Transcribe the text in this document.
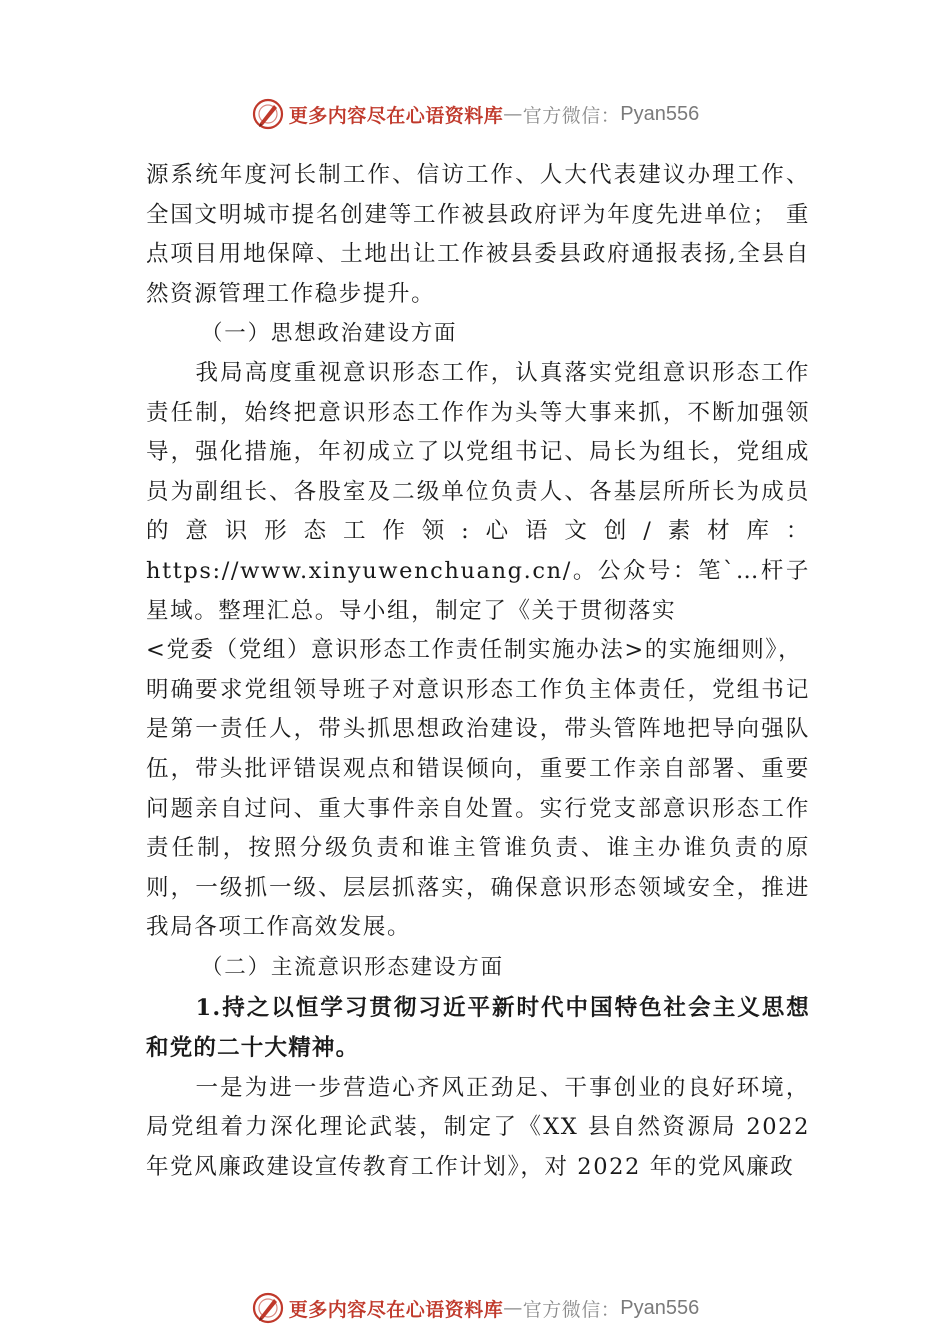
更多内容尽在心语资料库 — 官方微信： Pyan556

源系统年度河长制工作、信访工作、人大代表建议办理工作、全国文明城市提名创建等工作被县政府评为年度先进单位； 重点项目用地保障、土地出让工作被县委县政府通报表扬,全县自然资源管理工作稳步提升。

（一）思想政治建设方面

我局高度重视意识形态工作，认真落实党组意识形态工作责任制，始终把意识形态工作作为头等大事来抓，不断加强领导，强化措施，年初成立了以党组书记、局长为组长，党组成员为副组长、各股室及二级单位负责人、各基层所所长为成员的意识形态工作领:心语文创/素材库：https://www.xinyuwenchuang.cn/。公众号：笔`…杆子星域。整理汇总。导小组，制定了《关于贯彻落实

<党委（党组）意识形态工作责任制实施办法>的实施细则》，

明确要求党组领导班子对意识形态工作负主体责任，党组书记是第一责任人，带头抓思想政治建设，带头管阵地把导向强队伍，带头批评错误观点和错误倾向，重要工作亲自部署、重要问题亲自过问、重大事件亲自处置。实行党支部意识形态工作责任制，按照分级负责和谁主管谁负责、谁主办谁负责的原则，一级抓一级、层层抓落实，确保意识形态领域安全，推进我局各项工作高效发展。

（二）主流意识形态建设方面

1.持之以恒学习贯彻习近平新时代中国特色社会主义思想和党的二十大精神。

一是为进一步营造心齐风正劲足、干事创业的良好环境，局党组着力深化理论武装，制定了《XX 县自然资源局 2022 年党风廉政建设宣传教育工作计划》，对 2022 年的党风廉政

更多内容尽在心语资料库 — 官方微信： Pyan556
